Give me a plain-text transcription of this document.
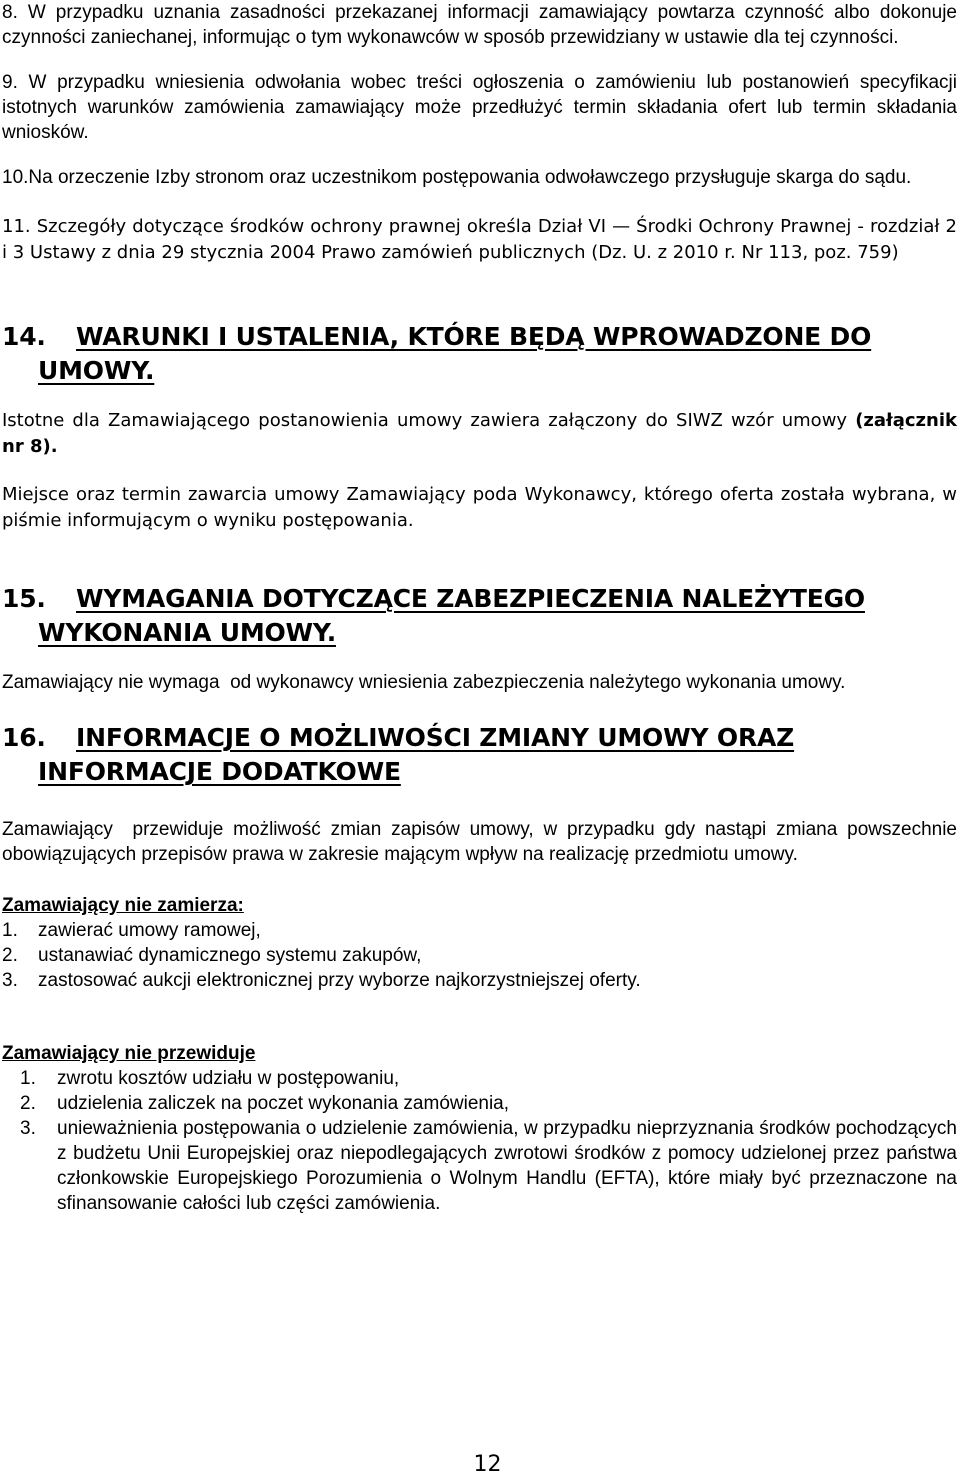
8. W przypadku uznania zasadności przekazanej informacji zamawiający powtarza czynność albo dokonuje czynności zaniechanej, informując o tym wykonawców w sposób przewidziany w ustawie dla tej czynności.

9. W przypadku wniesienia odwołania wobec treści ogłoszenia o zamówieniu lub postanowień specyfikacji istotnych warunków zamówienia zamawiający może przedłużyć termin składania ofert lub termin składania wniosków.

10.Na orzeczenie Izby stronom oraz uczestnikom postępowania odwoławczego przysługuje skarga do sądu.

11. Szczegóły dotyczące środków ochrony prawnej określa Dział VI — Środki Ochrony Prawnej - rozdział 2 i 3 Ustawy z dnia 29 stycznia 2004 Prawo zamówień publicznych (Dz. U. z 2010 r. Nr 113, poz. 759)

14. WARUNKI I USTALENIA, KTÓRE BĘDĄ WPROWADZONE DO
UMOWY.

Istotne dla Zamawiającego postanowienia umowy zawiera załączony do SIWZ wzór umowy (załącznik nr 8).

Miejsce oraz termin zawarcia umowy Zamawiający poda Wykonawcy, którego oferta została wybrana, w piśmie informującym o wyniku postępowania.

15. WYMAGANIA DOTYCZĄCE ZABEZPIECZENIA NALEŻYTEGO
WYKONANIA UMOWY.

Zamawiający nie wymaga  od wykonawcy wniesienia zabezpieczenia należytego wykonania umowy.

16. INFORMACJE O MOŻLIWOŚCI ZMIANY UMOWY ORAZ
INFORMACJE DODATKOWE

Zamawiający  przewiduje możliwość zmian zapisów umowy, w przypadku gdy nastąpi zmiana powszechnie obowiązujących przepisów prawa w zakresie mającym wpływ na realizację przedmiotu umowy.

Zamawiający nie zamierza:

1. zawierać umowy ramowej,
2. ustanawiać dynamicznego systemu zakupów,
3. zastosować aukcji elektronicznej przy wyborze najkorzystniejszej oferty.

Zamawiający nie przewiduje

1. zwrotu kosztów udziału w postępowaniu,
2. udzielenia zaliczek na poczet wykonania zamówienia,
3. unieważnienia postępowania o udzielenie zamówienia, w przypadku nieprzyznania środków pochodzących z budżetu Unii Europejskiej oraz niepodlegających zwrotowi środków z pomocy udzielonej przez państwa członkowskie Europejskiego Porozumienia o Wolnym Handlu (EFTA), które miały być przeznaczone na sfinansowanie całości lub części zamówienia.
12
